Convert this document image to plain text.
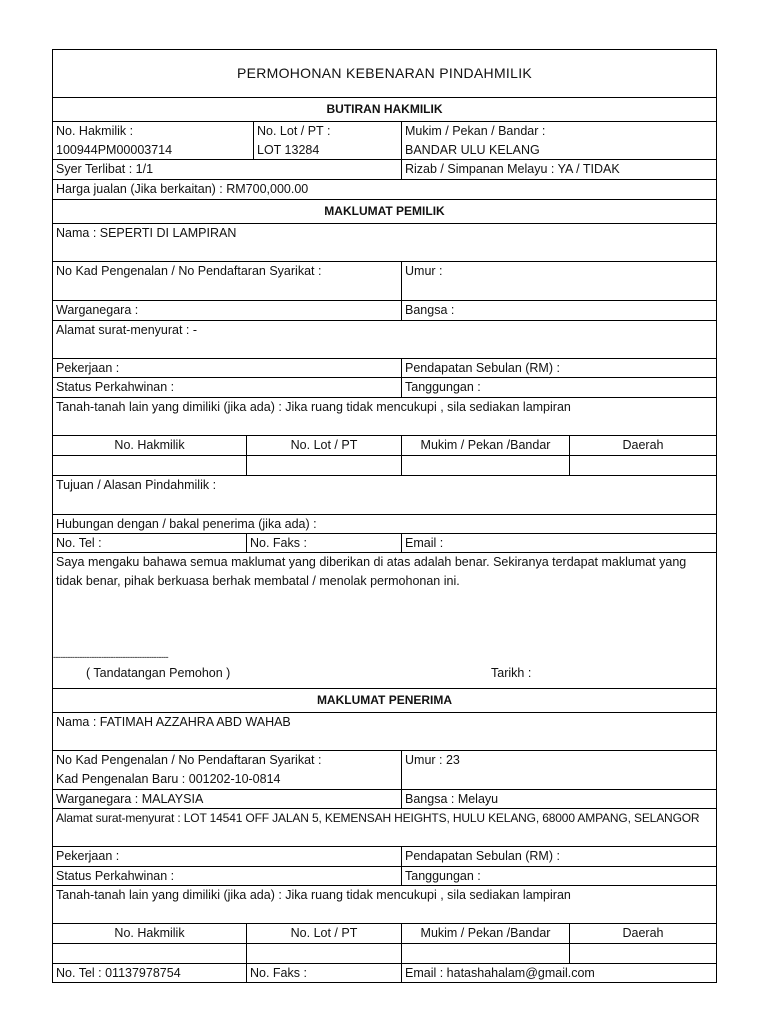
PERMOHONAN KEBENARAN PINDAHMILIK
BUTIRAN HAKMILIK
No. Hakmilik :
100944PM00003714
No. Lot / PT :
LOT 13284
Mukim / Pekan / Bandar :
BANDAR ULU KELANG
Syer Terlibat : 1/1	Rizab / Simpanan Melayu : YA / TIDAK
Harga jualan (Jika berkaitan) : RM700,000.00
MAKLUMAT PEMILIK
Nama : SEPERTI DI LAMPIRAN
No Kad Pengenalan / No Pendaftaran Syarikat :	Umur :
Warganegara :	Bangsa :
Alamat surat-menyurat : -
Pekerjaan :	Pendapatan Sebulan (RM) :
Status Perkahwinan :	Tanggungan :
Tanah-tanah lain yang dimiliki (jika ada) : Jika ruang tidak mencukupi , sila sediakan lampiran
No. Hakmilik	No. Lot / PT	Mukim / Pekan /Bandar	Daerah
Tujuan / Alasan Pindahmilik :
Hubungan dengan / bakal penerima (jika ada) :
No. Tel :	No. Faks :	Email :
Saya mengaku bahawa semua maklumat yang diberikan di atas adalah benar. Sekiranya terdapat maklumat yang tidak benar, pihak berkuasa berhak membatal / menolak permohonan ini.
------------------------------------------------
( Tandatangan Pemohon )	Tarikh :
MAKLUMAT PENERIMA
Nama : FATIMAH AZZAHRA ABD WAHAB
No Kad Pengenalan / No Pendaftaran Syarikat :
Kad Pengenalan Baru : 001202-10-0814
Umur : 23
Warganegara : MALAYSIA	Bangsa : Melayu
Alamat surat-menyurat : LOT 14541 OFF JALAN 5, KEMENSAH HEIGHTS, HULU KELANG, 68000 AMPANG, SELANGOR
Pekerjaan :	Pendapatan Sebulan (RM) :
Status Perkahwinan :	Tanggungan :
Tanah-tanah lain yang dimiliki (jika ada) : Jika ruang tidak mencukupi , sila sediakan lampiran
No. Hakmilik	No. Lot / PT	Mukim / Pekan /Bandar	Daerah
No. Tel : 01137978754	No. Faks :	Email : hatashahalam@gmail.com
